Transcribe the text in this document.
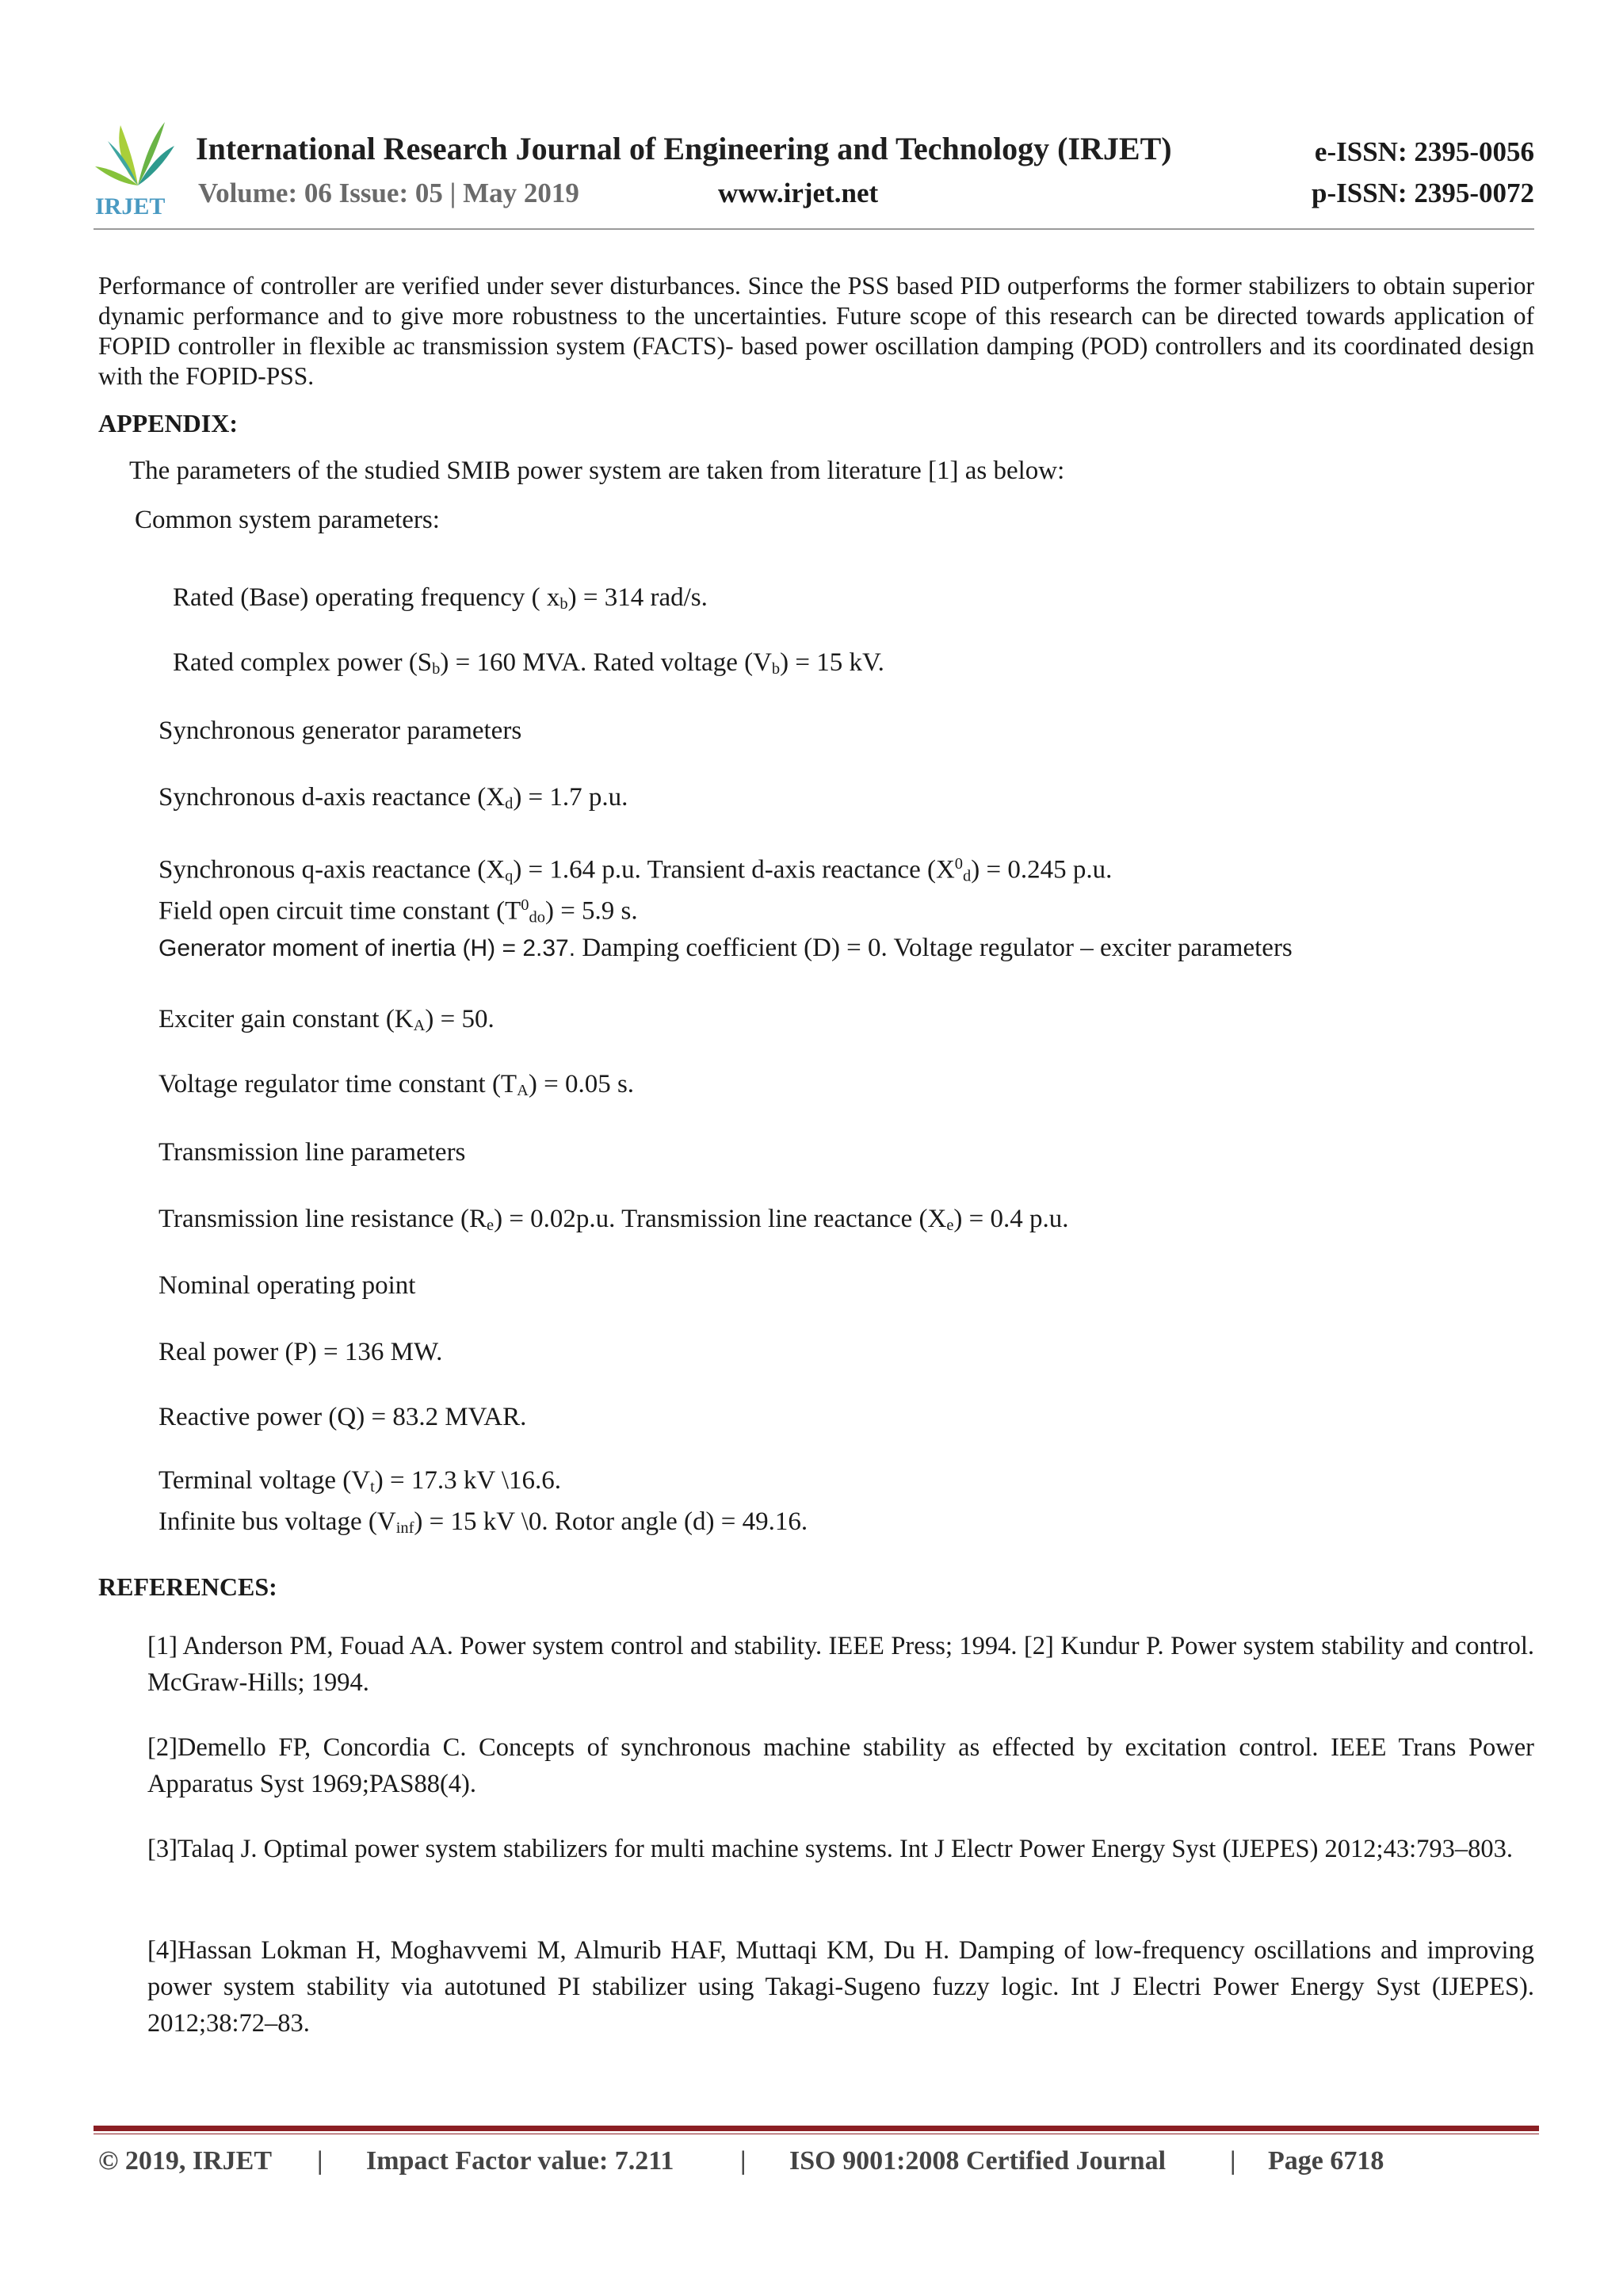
IRJET
International Research Journal of Engineering and Technology (IRJET)	e-ISSN: 2395-0056
Volume: 06 Issue: 05 | May 2019	www.irjet.net	p-ISSN: 2395-0072

Performance of controller are verified under sever disturbances. Since the PSS based PID outperforms the former stabilizers to obtain superior dynamic performance and to give more robustness to the uncertainties. Future scope of this research can be directed towards application of FOPID controller in flexible ac transmission system (FACTS)- based power oscillation damping (POD) controllers and its coordinated design with the FOPID-PSS.

APPENDIX:
The parameters of the studied SMIB power system are taken from literature [1] as below:
Common system parameters:
Rated (Base) operating frequency ( $x_b) = 314$ rad/s.
Rated complex power $(S_b) = 160$ MVA. Rated voltage $(V_b) = 15$ kV.
Synchronous generator parameters
Synchronous d-axis reactance $(X_d) = 1.7$ p.u.
Synchronous q-axis reactance $(X_q) = 1.64$ p.u. Transient d-axis reactance $(X^0_d) = 0.245$ p.u.
Field open circuit time constant $(T^0_{do}) = 5.9$ s.
Generator moment of inertia (H) = 2.37. Damping coefficient (D) = 0. Voltage regulator – exciter parameters
Exciter gain constant $(K_A) = 50$.
Voltage regulator time constant $(T_A) = 0.05$ s.
Transmission line parameters
Transmission line resistance $(R_e) = 0.02p.u$. Transmission line reactance $(X_e) = 0.4$ p.u.
Nominal operating point
Real power (P) = 136 MW.
Reactive power (Q) = 83.2 MVAR.
Terminal voltage $(V_t) = 17.3$ kV \16.6.
Infinite bus voltage $(V_{inf}) = 15$ kV \0. Rotor angle (d) = 49.16.
REFERENCES:

[1] Anderson PM, Fouad AA. Power system control and stability. IEEE Press; 1994. [2] Kundur P. Power system stability and control. McGraw-Hills; 1994.

[2]Demello FP, Concordia C. Concepts of synchronous machine stability as effected by excitation control. IEEE Trans Power Apparatus Syst 1969;PAS88(4).

[3]Talaq J. Optimal power system stabilizers for multi machine systems. Int J Electr Power Energy Syst (IJEPES) 2012;43:793–803.

[4]Hassan Lokman H, Moghavvemi M, Almurib HAF, Muttaqi KM, Du H. Damping of low-frequency oscillations and improving power system stability via autotuned PI stabilizer using Takagi-Sugeno fuzzy logic. Int J Electri Power Energy Syst (IJEPES). 2012;38:72–83.

© 2019, IRJET | Impact Factor value: 7.211 | ISO 9001:2008 Certified Journal | Page 6718
